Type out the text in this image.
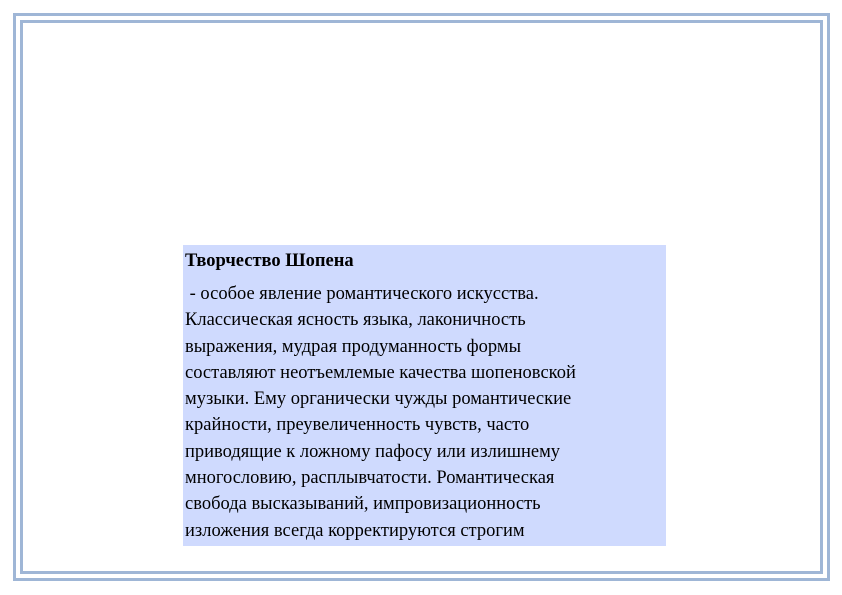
Творчество Шопена

- особое явление романтического искусства.
Классическая ясность языка, лаконичность
выражения, мудрая продуманность формы
составляют неотъемлемые качества шопеновской
музыки. Ему органически чужды романтические
крайности, преувеличенность чувств, часто
приводящие к ложному пафосу или излишнему
многословию, расплывчатости. Романтическая
свобода высказываний, импровизационность
изложения всегда корректируются строгим
